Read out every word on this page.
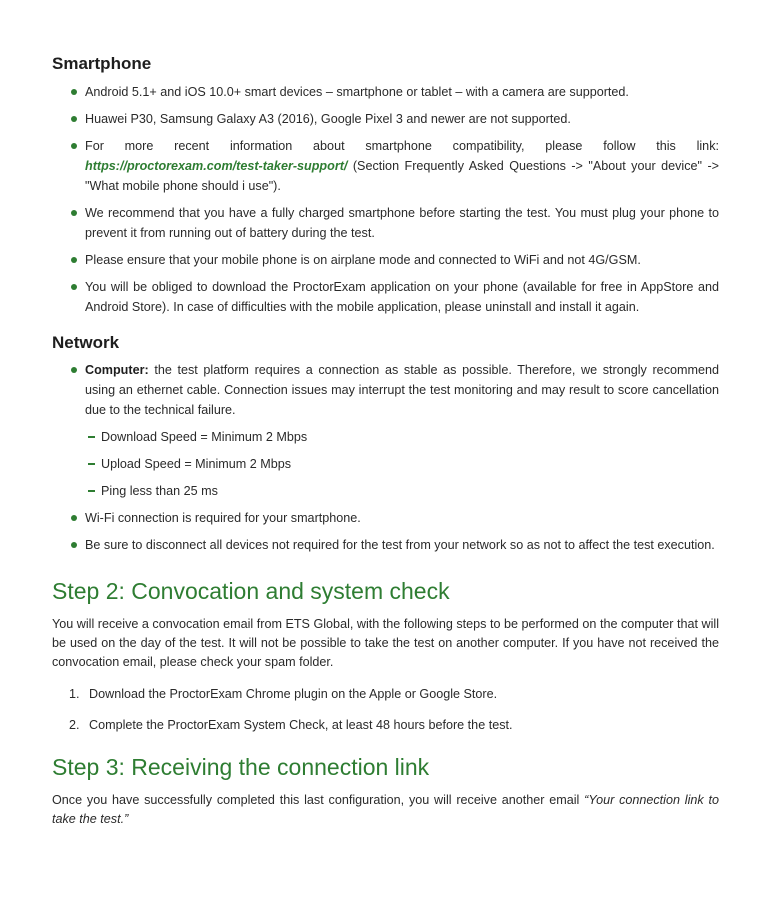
Smartphone
Android 5.1+ and iOS 10.0+ smart devices – smartphone or tablet – with a camera are supported.
Huawei P30, Samsung Galaxy A3 (2016), Google Pixel 3 and newer are not supported.
For more recent information about smartphone compatibility, please follow this link: https://proctorexam.com/test-taker-support/ (Section Frequently Asked Questions -> "About your device" -> "What mobile phone should i use").
We recommend that you have a fully charged smartphone before starting the test. You must plug your phone to prevent it from running out of battery during the test.
Please ensure that your mobile phone is on airplane mode and connected to WiFi and not 4G/GSM.
You will be obliged to download the ProctorExam application on your phone (available for free in AppStore and Android Store). In case of difficulties with the mobile application, please uninstall and install it again.
Network
Computer: the test platform requires a connection as stable as possible. Therefore, we strongly recommend using an ethernet cable. Connection issues may interrupt the test monitoring and may result to score cancellation due to the technical failure.
Download Speed = Minimum 2 Mbps
Upload Speed = Minimum 2 Mbps
Ping less than 25 ms
Wi-Fi connection is required for your smartphone.
Be sure to disconnect all devices not required for the test from your network so as not to affect the test execution.
Step 2: Convocation and system check

You will receive a convocation email from ETS Global, with the following steps to be performed on the computer that will be used on the day of the test. It will not be possible to take the test on another computer. If you have not received the convocation email, please check your spam folder.

1. Download the ProctorExam Chrome plugin on the Apple or Google Store.
2. Complete the ProctorExam System Check, at least 48 hours before the test.
Step 3: Receiving the connection link

Once you have successfully completed this last configuration, you will receive another email “Your connection link to take the test.”
